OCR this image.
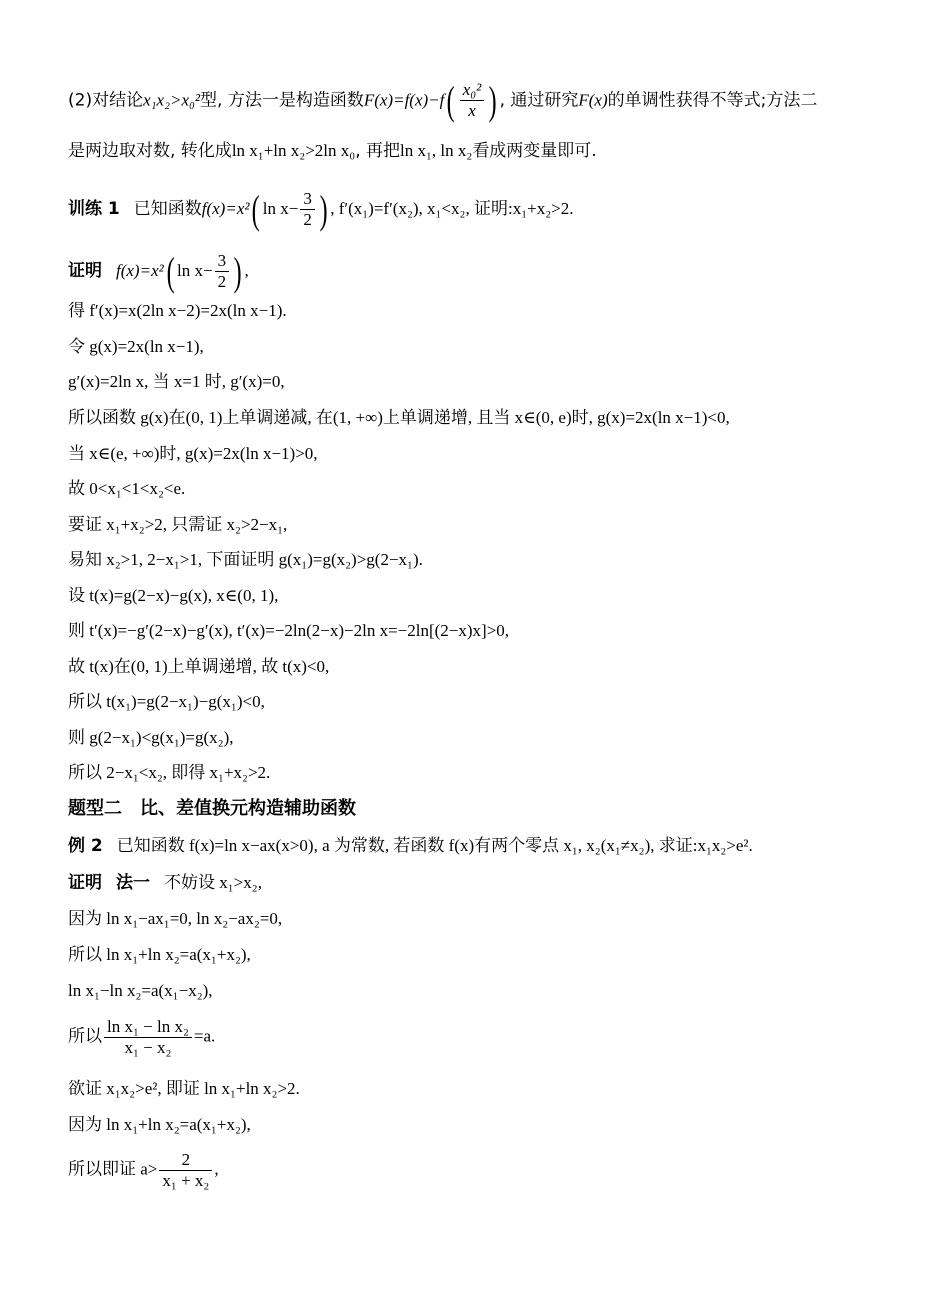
(2)对结论x₁x₂>x₀²型, 方法一是构造函数$F(x)=f(x)-f( \frac{\text{x₀²}}{x}$ ) , 通过研究F(x)的单调性获得不等式;方法二
是两边取对数, 转化成ln x₁+ln x₂>2ln x₀, 再把ln x₁, ln x₂看成两变量即可.
训练 1 已知函数f(x)=x²( $\ln x- \frac{3}{2}$ ) , f′(x₁)=f′(x₂), x₁<x₂, 证明:x₁+x₂>2.
证明 f(x)=x²( $\ln x- \frac{3}{2}$ ) ,
得 f′(x)=x(2ln x−2)=2x(ln x−1).
令 g(x)=2x(ln x−1),
g′(x)=2ln x, 当 x=1 时, g′(x)=0,
所以函数 g(x)在(0, 1)上单调递减, 在(1, +∞)上单调递增, 且当 x∈(0, e)时, g(x)=2x(ln x−1)<0,
当 x∈(e, +∞)时, g(x)=2x(ln x−1)>0,
故 0<x₁<1<x₂<e.
要证 x₁+x₂>2, 只需证 x₂>2−x₁,
易知 x₂>1, 2−x₁>1, 下面证明 g(x₁)=g(x₂)>g(2−x₁).
设 t(x)=g(2−x)−g(x), x∈(0, 1),
则 t′(x)=−g′(2−x)−g′(x), t′(x)=−2ln(2−x)−2ln x=−2ln[(2−x)x]>0,
故 t(x)在(0, 1)上单调递增, 故 t(x)<0,
所以 t(x₁)=g(2−x₁)−g(x₁)<0,
则 g(2−x₁)<g(x₁)=g(x₂),
所以 2−x₁<x₂, 即得 x₁+x₂>2.
题型二　比、差值换元构造辅助函数
例 2 已知函数 f(x)=ln x−ax(x>0), a 为常数, 若函数 f(x)有两个零点 x₁, x₂(x₁≠x₂), 求证:x₁x₂>e².
证明 法一 不妨设 x₁>x₂,
因为 ln x₁−ax₁=0, ln x₂−ax₂=0,
所以 ln x₁+ln x₂=a(x₁+x₂),
ln x₁−ln x₂=a(x₁−x₂),
所以 $\frac{\text{ln x₁ − ln x₂}}{\text{x₁ − x₂}} =a$.
欲证 x₁x₂>e², 即证 ln x₁+ln x₂>2.
因为 ln x₁+ln x₂=a(x₁+x₂),
所以即证 $a> \frac{2}{\text{x₁ + x₂}}$ ,
